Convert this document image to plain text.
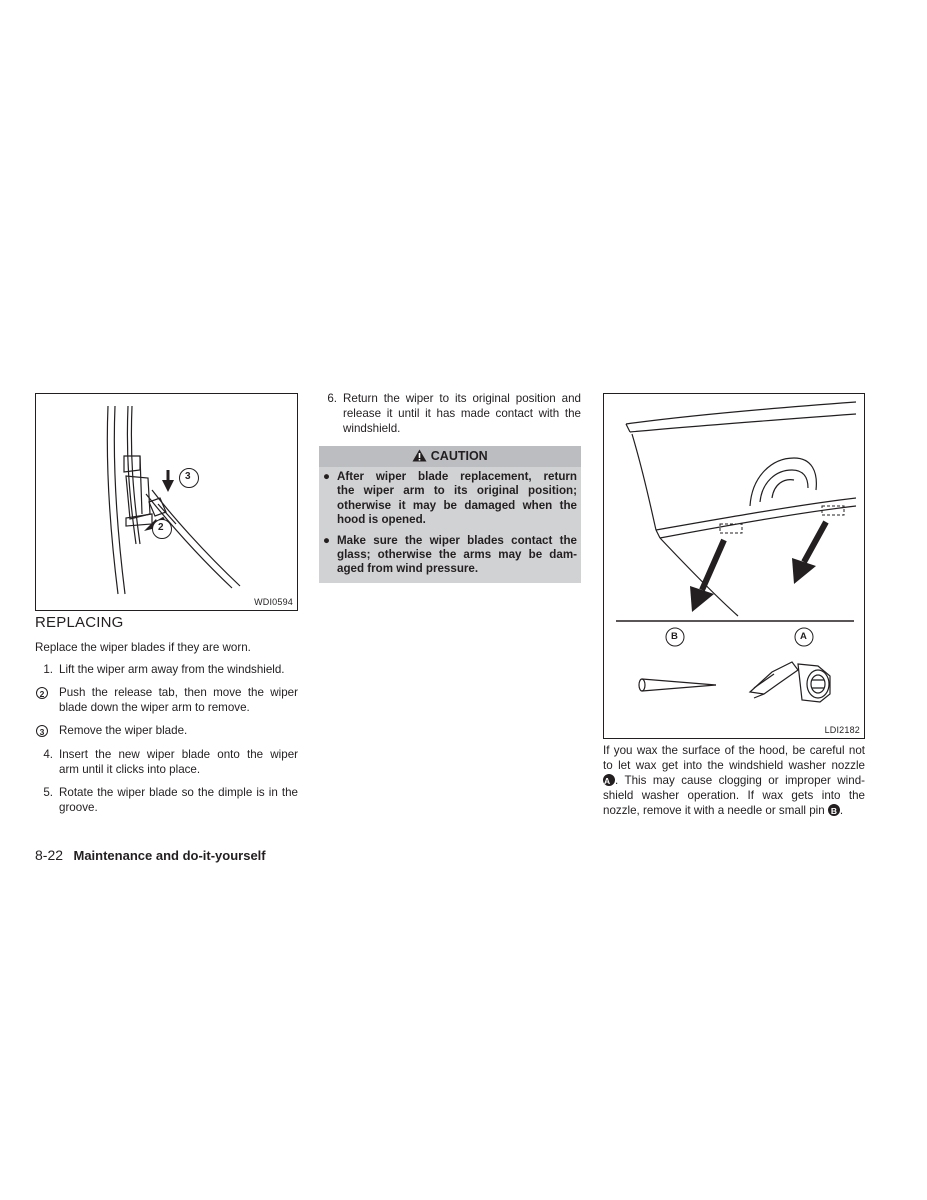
3
2
WDI0594
REPLACING
Replace the wiper blades if they are worn.
1. Lift the wiper arm away from the windshield.
2	Push the release tab, then move the wiper
blade down the wiper arm to remove.
3	Remove the wiper blade.
4. Insert the new wiper blade onto the wiper
arm until it clicks into place.
5. Rotate the wiper blade so the dimple is in the
groove.
6. Return the wiper to its original position and
release it until it has made contact with the
windshield.
CAUTION
● After wiper blade replacement, return
the wiper arm to its original position;
otherwise it may be damaged when the
hood is opened.
● Make sure the wiper blades contact the
glass; otherwise the arms may be dam-
aged from wind pressure.
B	A
LDI2182
If you wax the surface of the hood, be careful not
to let wax get into the windshield washer nozzle
A . This may cause clogging or improper wind-
shield washer operation. If wax gets into the
nozzle, remove it with a needle or small pin B .
8-22 Maintenance and do-it-yourself
